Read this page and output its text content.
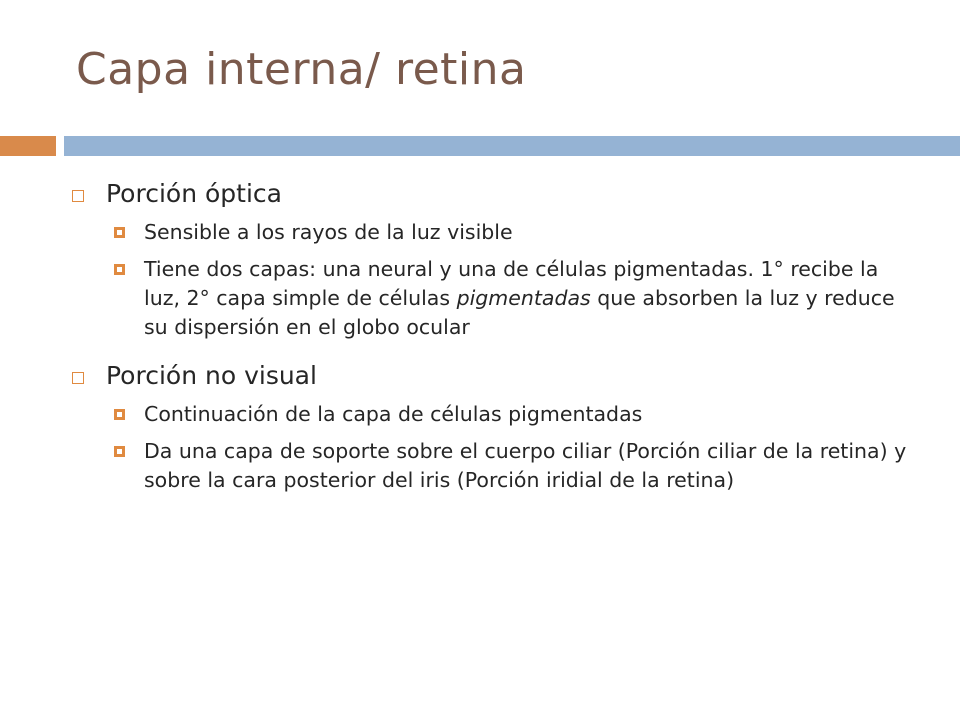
Capa interna/ retina
Porción óptica
Sensible a los rayos de la luz visible
Tiene dos capas: una neural y una de células pigmentadas. 1° recibe la luz, 2° capa simple de células pigmentadas que absorben la luz y reduce su dispersión en el globo ocular
Porción no visual
Continuación de la capa de células pigmentadas
Da una capa de soporte sobre el cuerpo ciliar (Porción ciliar de la retina) y sobre la cara posterior del iris (Porción iridial de la retina)
